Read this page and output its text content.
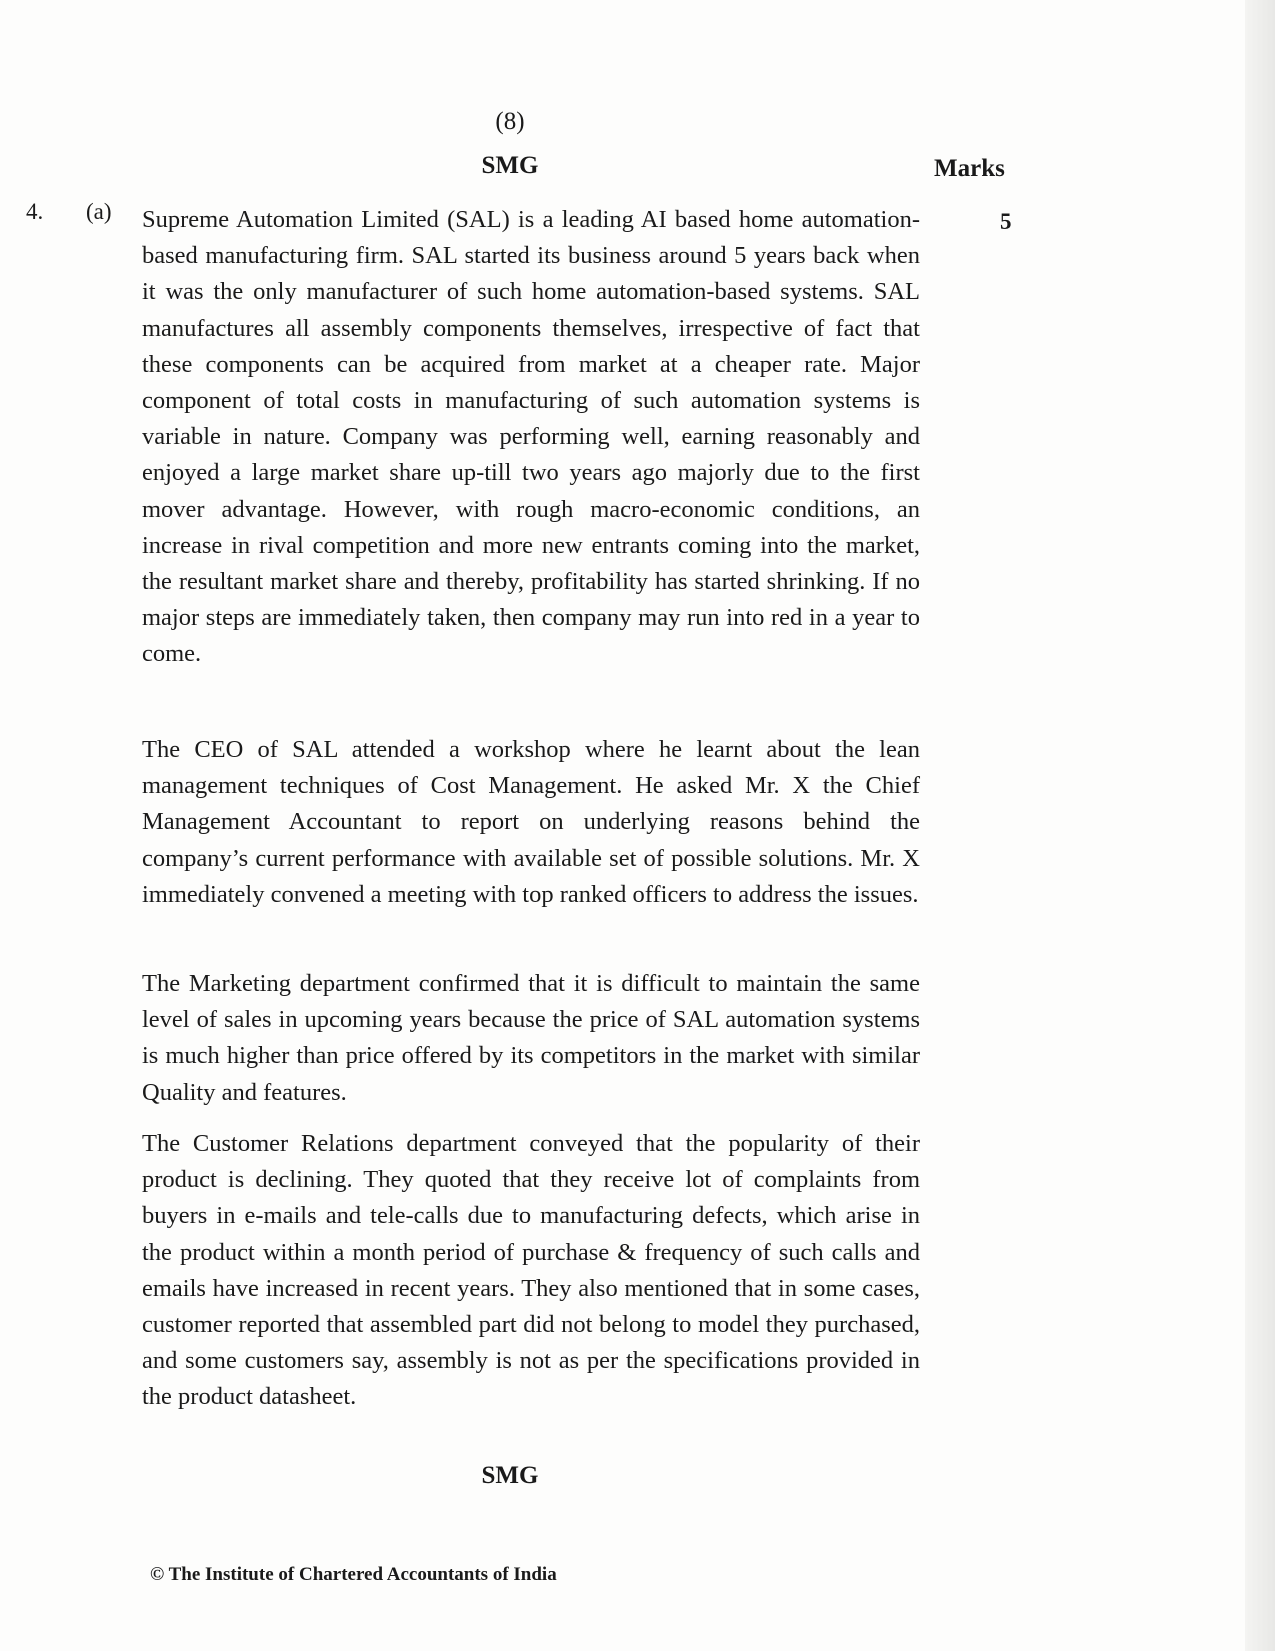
(8)
SMG	Marks
4. (a)	5

Supreme Automation Limited (SAL) is a leading AI based home automation-based manufacturing firm. SAL started its business around 5 years back when it was the only manufacturer of such home automation-based systems. SAL manufactures all assembly components themselves, irrespective of fact that these components can be acquired from market at a cheaper rate. Major component of total costs in manufacturing of such automation systems is variable in nature. Company was performing well, earning reasonably and enjoyed a large market share up-till two years ago majorly due to the first mover advantage. However, with rough macro-economic conditions, an increase in rival competition and more new entrants coming into the market, the resultant market share and thereby, profitability has started shrinking. If no major steps are immediately taken, then company may run into red in a year to come.

The CEO of SAL attended a workshop where he learnt about the lean management techniques of Cost Management. He asked Mr. X the Chief Management Accountant to report on underlying reasons behind the company’s current performance with available set of possible solutions. Mr. X immediately convened a meeting with top ranked officers to address the issues.

The Marketing department confirmed that it is difficult to maintain the same level of sales in upcoming years because the price of SAL automation systems is much higher than price offered by its competitors in the market with similar Quality and features.

The Customer Relations department conveyed that the popularity of their product is declining. They quoted that they receive lot of complaints from buyers in e-mails and tele-calls due to manufacturing defects, which arise in the product within a month period of purchase & frequency of such calls and emails have increased in recent years. They also mentioned that in some cases, customer reported that assembled part did not belong to model they purchased, and some customers say, assembly is not as per the specifications provided in the product datasheet.

SMG
© The Institute of Chartered Accountants of India
